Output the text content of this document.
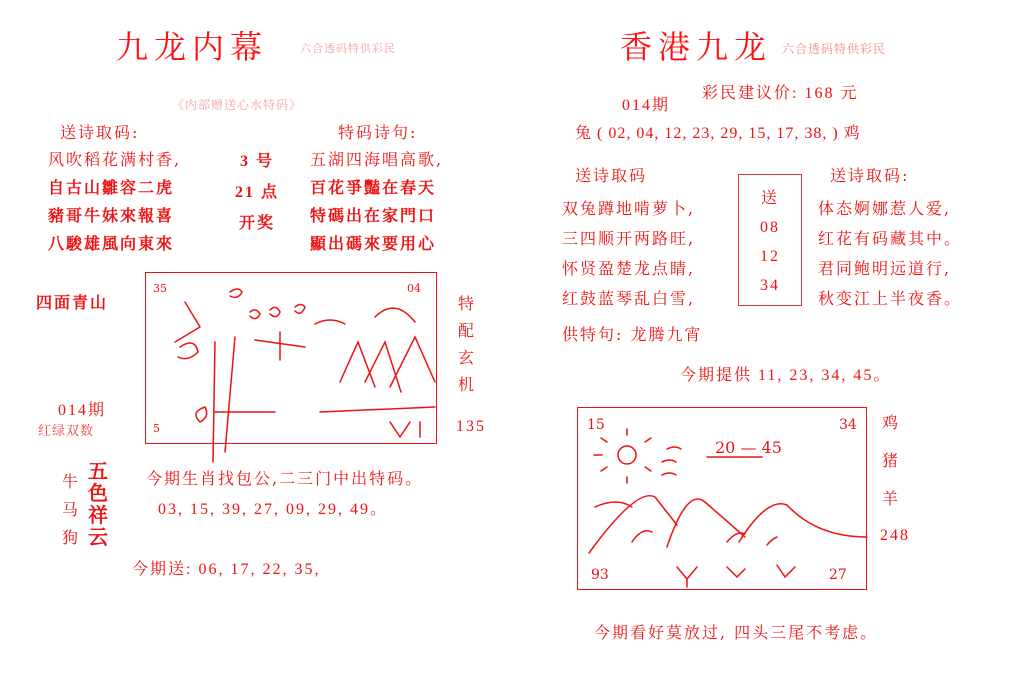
九龙内幕	六合透码特供彩民
《内部赠送心水特码》
送诗取码:
风吹稻花满村香,
自古山雛容二虎
豬哥牛妹來報喜
八駿雄風向東來
3 号
21 点
开奖
特码诗句:
五湖四海唱高歌,
百花爭豔在春天
特碼出在家門口
顯出碼來要用心
四面青山
014期
红绿双数
35	04
5
特
配
玄
机
135
牛
马
狗
五
色
祥
云
今期生肖找包公,二三门中出特码。
03, 15, 39, 27, 09, 29, 49。
今期送: 06, 17, 22, 35,
香港九龙 六合透码特供彩民
014期
彩民建议价: 168 元
兔 ( 02, 04, 12, 23, 29, 15, 17, 38, ) 鸡
送诗取码
双兔蹲地啃萝卜,
三四顺开两路旺,
怀贤盈楚龙点睛,
红鼓蓝琴乱白雪,
送
08
12
34
送诗取码:
体态婀娜惹人爱,
红花有码藏其中。
君同鲍明远道行,
秋变江上半夜香。
供特句: 龙腾九宵
今期提供 11, 23, 34, 45。
15	34
20 — 45
93	27
鸡
猪
羊
248
今期看好莫放过, 四头三尾不考虑。
